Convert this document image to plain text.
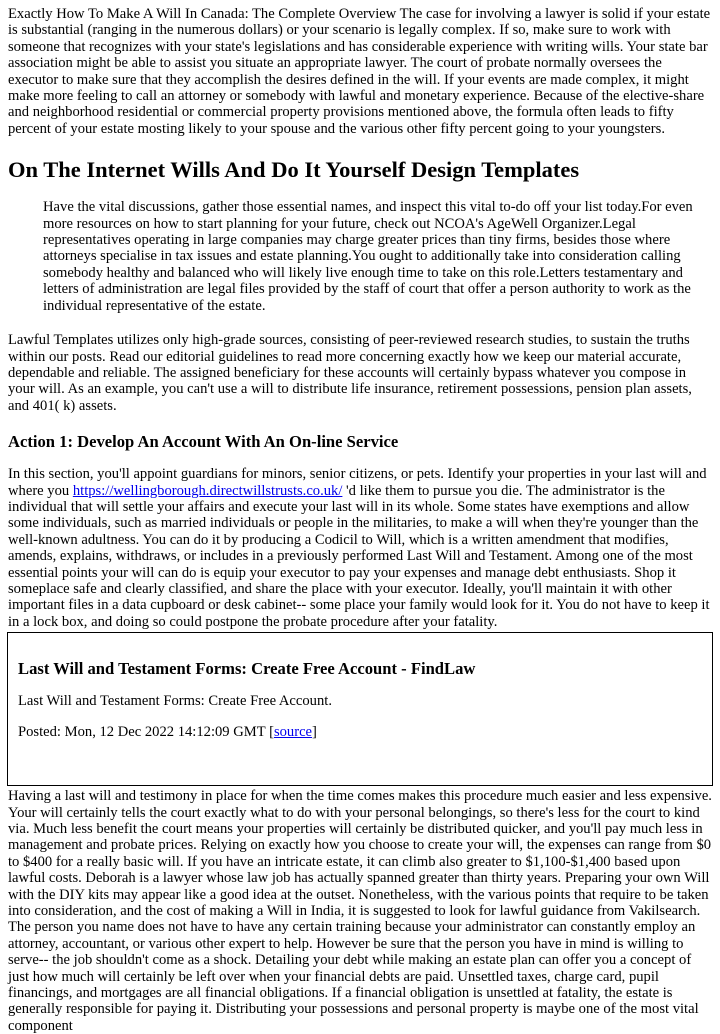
Exactly How To Make A Will In Canada: The Complete Overview The case for involving a lawyer is solid if your estate is substantial (ranging in the numerous dollars) or your scenario is legally complex. If so, make sure to work with someone that recognizes with your state's legislations and has considerable experience with writing wills. Your state bar association might be able to assist you situate an appropriate lawyer. The court of probate normally oversees the executor to make sure that they accomplish the desires defined in the will. If your events are made complex, it might make more feeling to call an attorney or somebody with lawful and monetary experience. Because of the elective-share and neighborhood residential or commercial property provisions mentioned above, the formula often leads to fifty percent of your estate mosting likely to your spouse and the various other fifty percent going to your youngsters.

On The Internet Wills And Do It Yourself Design Templates

Have the vital discussions, gather those essential names, and inspect this vital to-do off your list today.For even more resources on how to start planning for your future, check out NCOA's AgeWell Organizer.Legal representatives operating in large companies may charge greater prices than tiny firms, besides those where attorneys specialise in tax issues and estate planning.You ought to additionally take into consideration calling somebody healthy and balanced who will likely live enough time to take on this role.Letters testamentary and letters of administration are legal files provided by the staff of court that offer a person authority to work as the individual representative of the estate.

Lawful Templates utilizes only high-grade sources, consisting of peer-reviewed research studies, to sustain the truths within our posts. Read our editorial guidelines to read more concerning exactly how we keep our material accurate, dependable and reliable. The assigned beneficiary for these accounts will certainly bypass whatever you compose in your will. As an example, you can't use a will to distribute life insurance, retirement possessions, pension plan assets, and 401( k) assets.

Action 1: Develop An Account With An On-line Service

In this section, you'll appoint guardians for minors, senior citizens, or pets. Identify your properties in your last will and where you https://wellingborough.directwillstrusts.co.uk/ 'd like them to pursue you die. The administrator is the individual that will settle your affairs and execute your last will in its whole. Some states have exemptions and allow some individuals, such as married individuals or people in the militaries, to make a will when they're younger than the well-known adultness. You can do it by producing a Codicil to Will, which is a written amendment that modifies, amends, explains, withdraws, or includes in a previously performed Last Will and Testament. Among one of the most essential points your will can do is equip your executor to pay your expenses and manage debt enthusiasts. Shop it someplace safe and clearly classified, and share the place with your executor. Ideally, you'll maintain it with other important files in a data cupboard or desk cabinet-- some place your family would look for it. You do not have to keep it in a lock box, and doing so could postpone the probate procedure after your fatality.

Last Will and Testament Forms: Create Free Account - FindLaw

Last Will and Testament Forms: Create Free Account.

Posted: Mon, 12 Dec 2022 14:12:09 GMT [source]

Having a last will and testimony in place for when the time comes makes this procedure much easier and less expensive. Your will certainly tells the court exactly what to do with your personal belongings, so there's less for the court to kind via. Much less benefit the court means your properties will certainly be distributed quicker, and you'll pay much less in management and probate prices. Relying on exactly how you choose to create your will, the expenses can range from $0 to $400 for a really basic will. If you have an intricate estate, it can climb also greater to $1,100-$1,400 based upon lawful costs. Deborah is a lawyer whose law job has actually spanned greater than thirty years. Preparing your own Will with the DIY kits may appear like a good idea at the outset. Nonetheless, with the various points that require to be taken into consideration, and the cost of making a Will in India, it is suggested to look for lawful guidance from Vakilsearch. The person you name does not have to have any certain training because your administrator can constantly employ an attorney, accountant, or various other expert to help. However be sure that the person you have in mind is willing to serve-- the job shouldn't come as a shock. Detailing your debt while making an estate plan can offer you a concept of just how much will certainly be left over when your financial debts are paid. Unsettled taxes, charge card, pupil financings, and mortgages are all financial obligations. If a financial obligation is unsettled at fatality, the estate is generally responsible for paying it. Distributing your possessions and personal property is maybe one of the most vital component
